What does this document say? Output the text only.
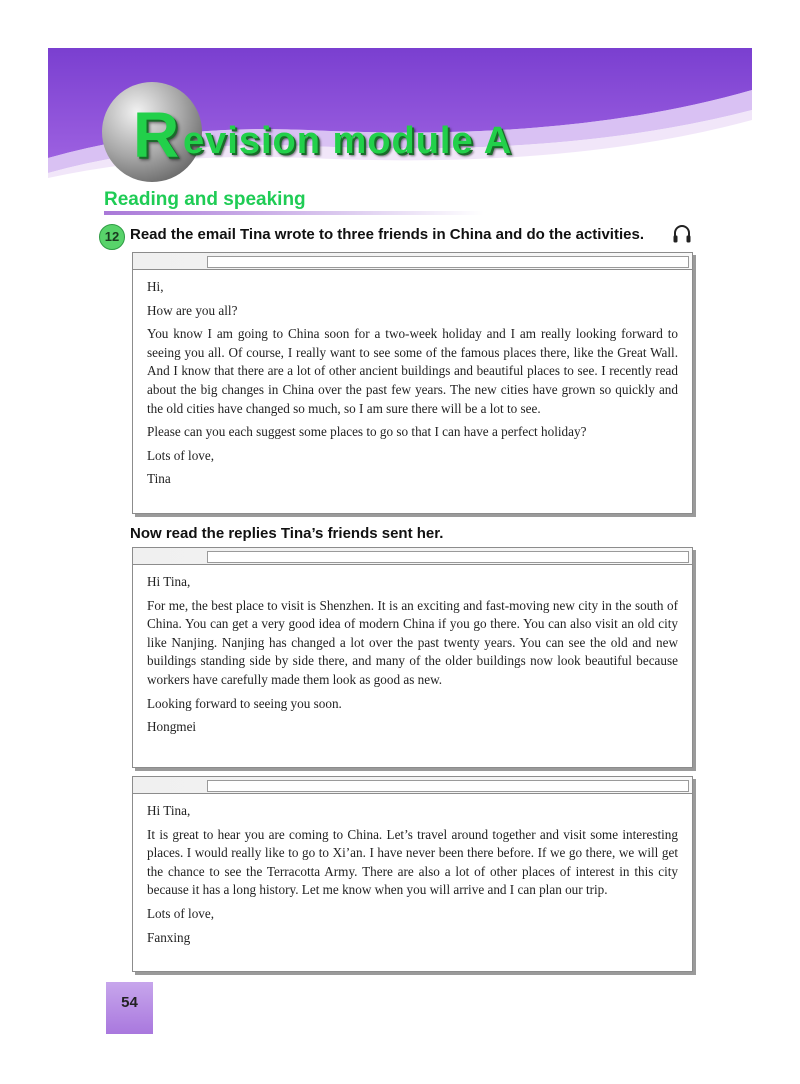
R evision module A
Reading and speaking
12 Read the email Tina wrote to three friends in China and do the activities.

Hi,

How are you all?

You know I am going to China soon for a two-week holiday and I am really looking forward to seeing you all. Of course, I really want to see some of the famous places there, like the Great Wall. And I know that there are a lot of other ancient buildings and beautiful places to see. I recently read about the big changes in China over the past few years. The new cities have grown so quickly and the old cities have changed so much, so I am sure there will be a lot to see.

Please can you each suggest some places to go so that I can have a perfect holiday?

Lots of love,

Tina

Now read the replies Tina’s friends sent her.

Hi Tina,

For me, the best place to visit is Shenzhen. It is an exciting and fast-moving new city in the south of China. You can get a very good idea of modern China if you go there. You can also visit an old city like Nanjing. Nanjing has changed a lot over the past twenty years. You can see the old and new buildings standing side by side there, and many of the older buildings now look beautiful because workers have carefully made them look as good as new.

Looking forward to seeing you soon.

Hongmei

Hi Tina,

It is great to hear you are coming to China. Let’s travel around together and visit some interesting places. I would really like to go to Xi’an. I have never been there before. If we go there, we will get the chance to see the Terracotta Army. There are also a lot of other places of interest in this city because it has a long history. Let me know when you will arrive and I can plan our trip.

Lots of love,

Fanxing

54
